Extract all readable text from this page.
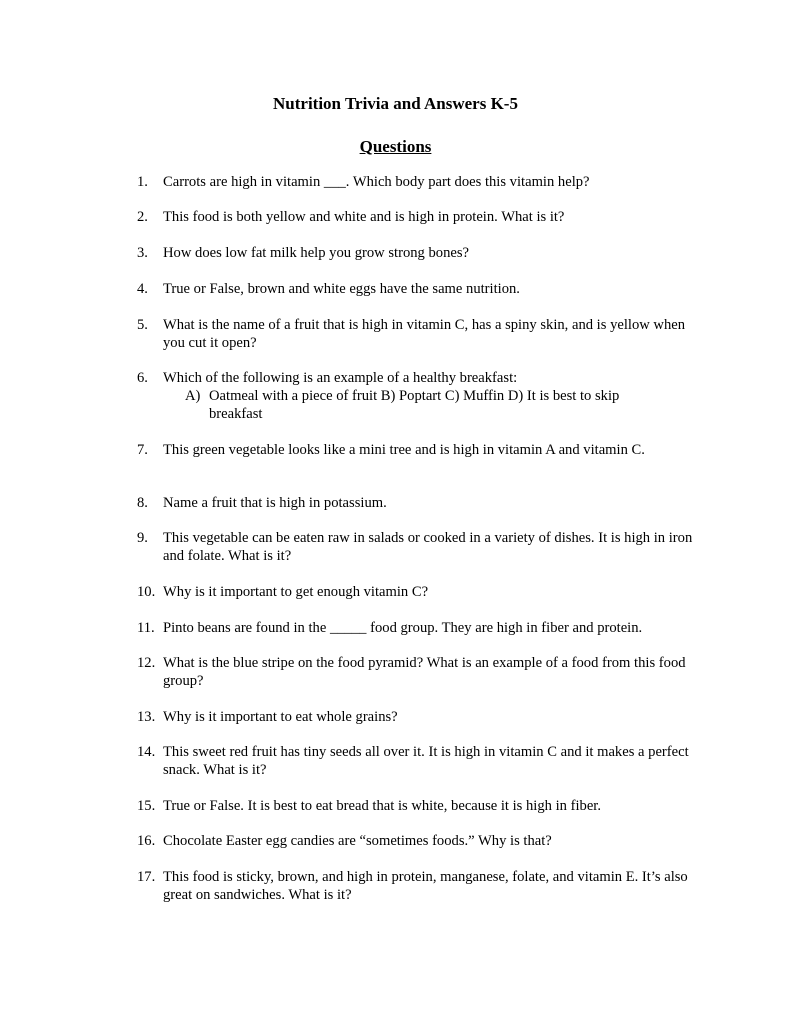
Nutrition Trivia and Answers K-5
Questions
1.	Carrots are high in vitamin ___. Which body part does this vitamin help?
2.	This food is both yellow and white and is high in protein. What is it?
3.	How does low fat milk help you grow strong bones?
4.	True or False, brown and white eggs have the same nutrition.
5.	What is the name of a fruit that is high in vitamin C, has a spiny skin, and is yellow when you cut it open?
6.	Which of the following is an example of a healthy breakfast:
A) Oatmeal with a piece of fruit B) Poptart C) Muffin D) It is best to skip breakfast
7.	This green vegetable looks like a mini tree and is high in vitamin A and vitamin C.
8.	Name a fruit that is high in potassium.
9.	This vegetable can be eaten raw in salads or cooked in a variety of dishes. It is high in iron and folate. What is it?
10. Why is it important to get enough vitamin C?
11. Pinto beans are found in the _____ food group. They are high in fiber and protein.
12. What is the blue stripe on the food pyramid? What is an example of a food from this food group?
13. Why is it important to eat whole grains?
14. This sweet red fruit has tiny seeds all over it. It is high in vitamin C and it makes a perfect snack. What is it?
15. True or False. It is best to eat bread that is white, because it is high in fiber.
16. Chocolate Easter egg candies are “sometimes foods.” Why is that?
17. This food is sticky, brown, and high in protein, manganese, folate, and vitamin E. It’s also great on sandwiches. What is it?
